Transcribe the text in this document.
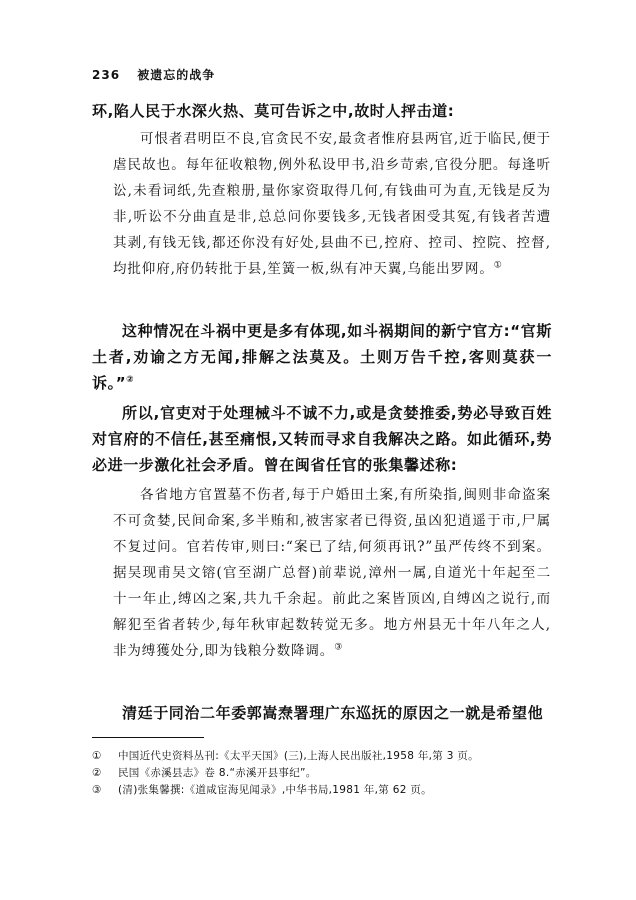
236 被遗忘的战争
环,陷人民于水深火热、莫可告诉之中,故时人抨击道:
可恨者君明臣不良,官贪民不安,最贪者惟府县两官,近于临民,便于虐民故也。每年征收粮物,例外私设甲书,沿乡苛索,官役分肥。每逢听讼,未看词纸,先查粮册,量你家资取得几何,有钱曲可为直,无钱是反为非,听讼不分曲直是非,总总问你要钱多,无钱者困受其冤,有钱者苦遭其剥,有钱无钱,都还你没有好处,县曲不已,控府、控司、控院、控督,均批仰府,府仍转批于县,笙簧一板,纵有冲天翼,乌能出罗网。①
这种情况在斗祸中更是多有体现,如斗祸期间的新宁官方:“官斯土者,劝谕之方无闻,排解之法莫及。土则万告千控,客则莫获一诉。”②
所以,官吏对于处理械斗不诚不力,或是贪婪推委,势必导致百姓对官府的不信任,甚至痛恨,又转而寻求自我解决之路。如此循环,势必进一步激化社会矛盾。曾在闽省任官的张集馨述称:
各省地方官置墓不伤者,每于户婚田土案,有所染指,闽则非命盗案不可贪婪,民间命案,多半贿和,被害家者已得资,虽凶犯逍遥于市,尸属不复过问。官若传审,则曰:“案已了结,何须再讯?”虽严传终不到案。据吴现甫吴文镕(官至湖广总督)前辈说,漳州一属,自道光十年起至二十一年止,缚凶之案,共九千余起。前此之案皆顶凶,自缚凶之说行,而解犯至省者转少,每年秋审起数转觉无多。地方州县无十年八年之人,非为缚獲处分,即为钱粮分数降调。③
清廷于同治二年委郭嵩焘署理广东巡抚的原因之一就是希望他
① 中国近代史资料丛刊:《太平天国》(三),上海人民出版社,1958 年,第 3 页。
② 民国《赤溪县志》卷 8.“赤溪开县事纪”。
③ (清)张集馨撰:《道咸宦海见闻录》,中华书局,1981 年,第 62 页。
